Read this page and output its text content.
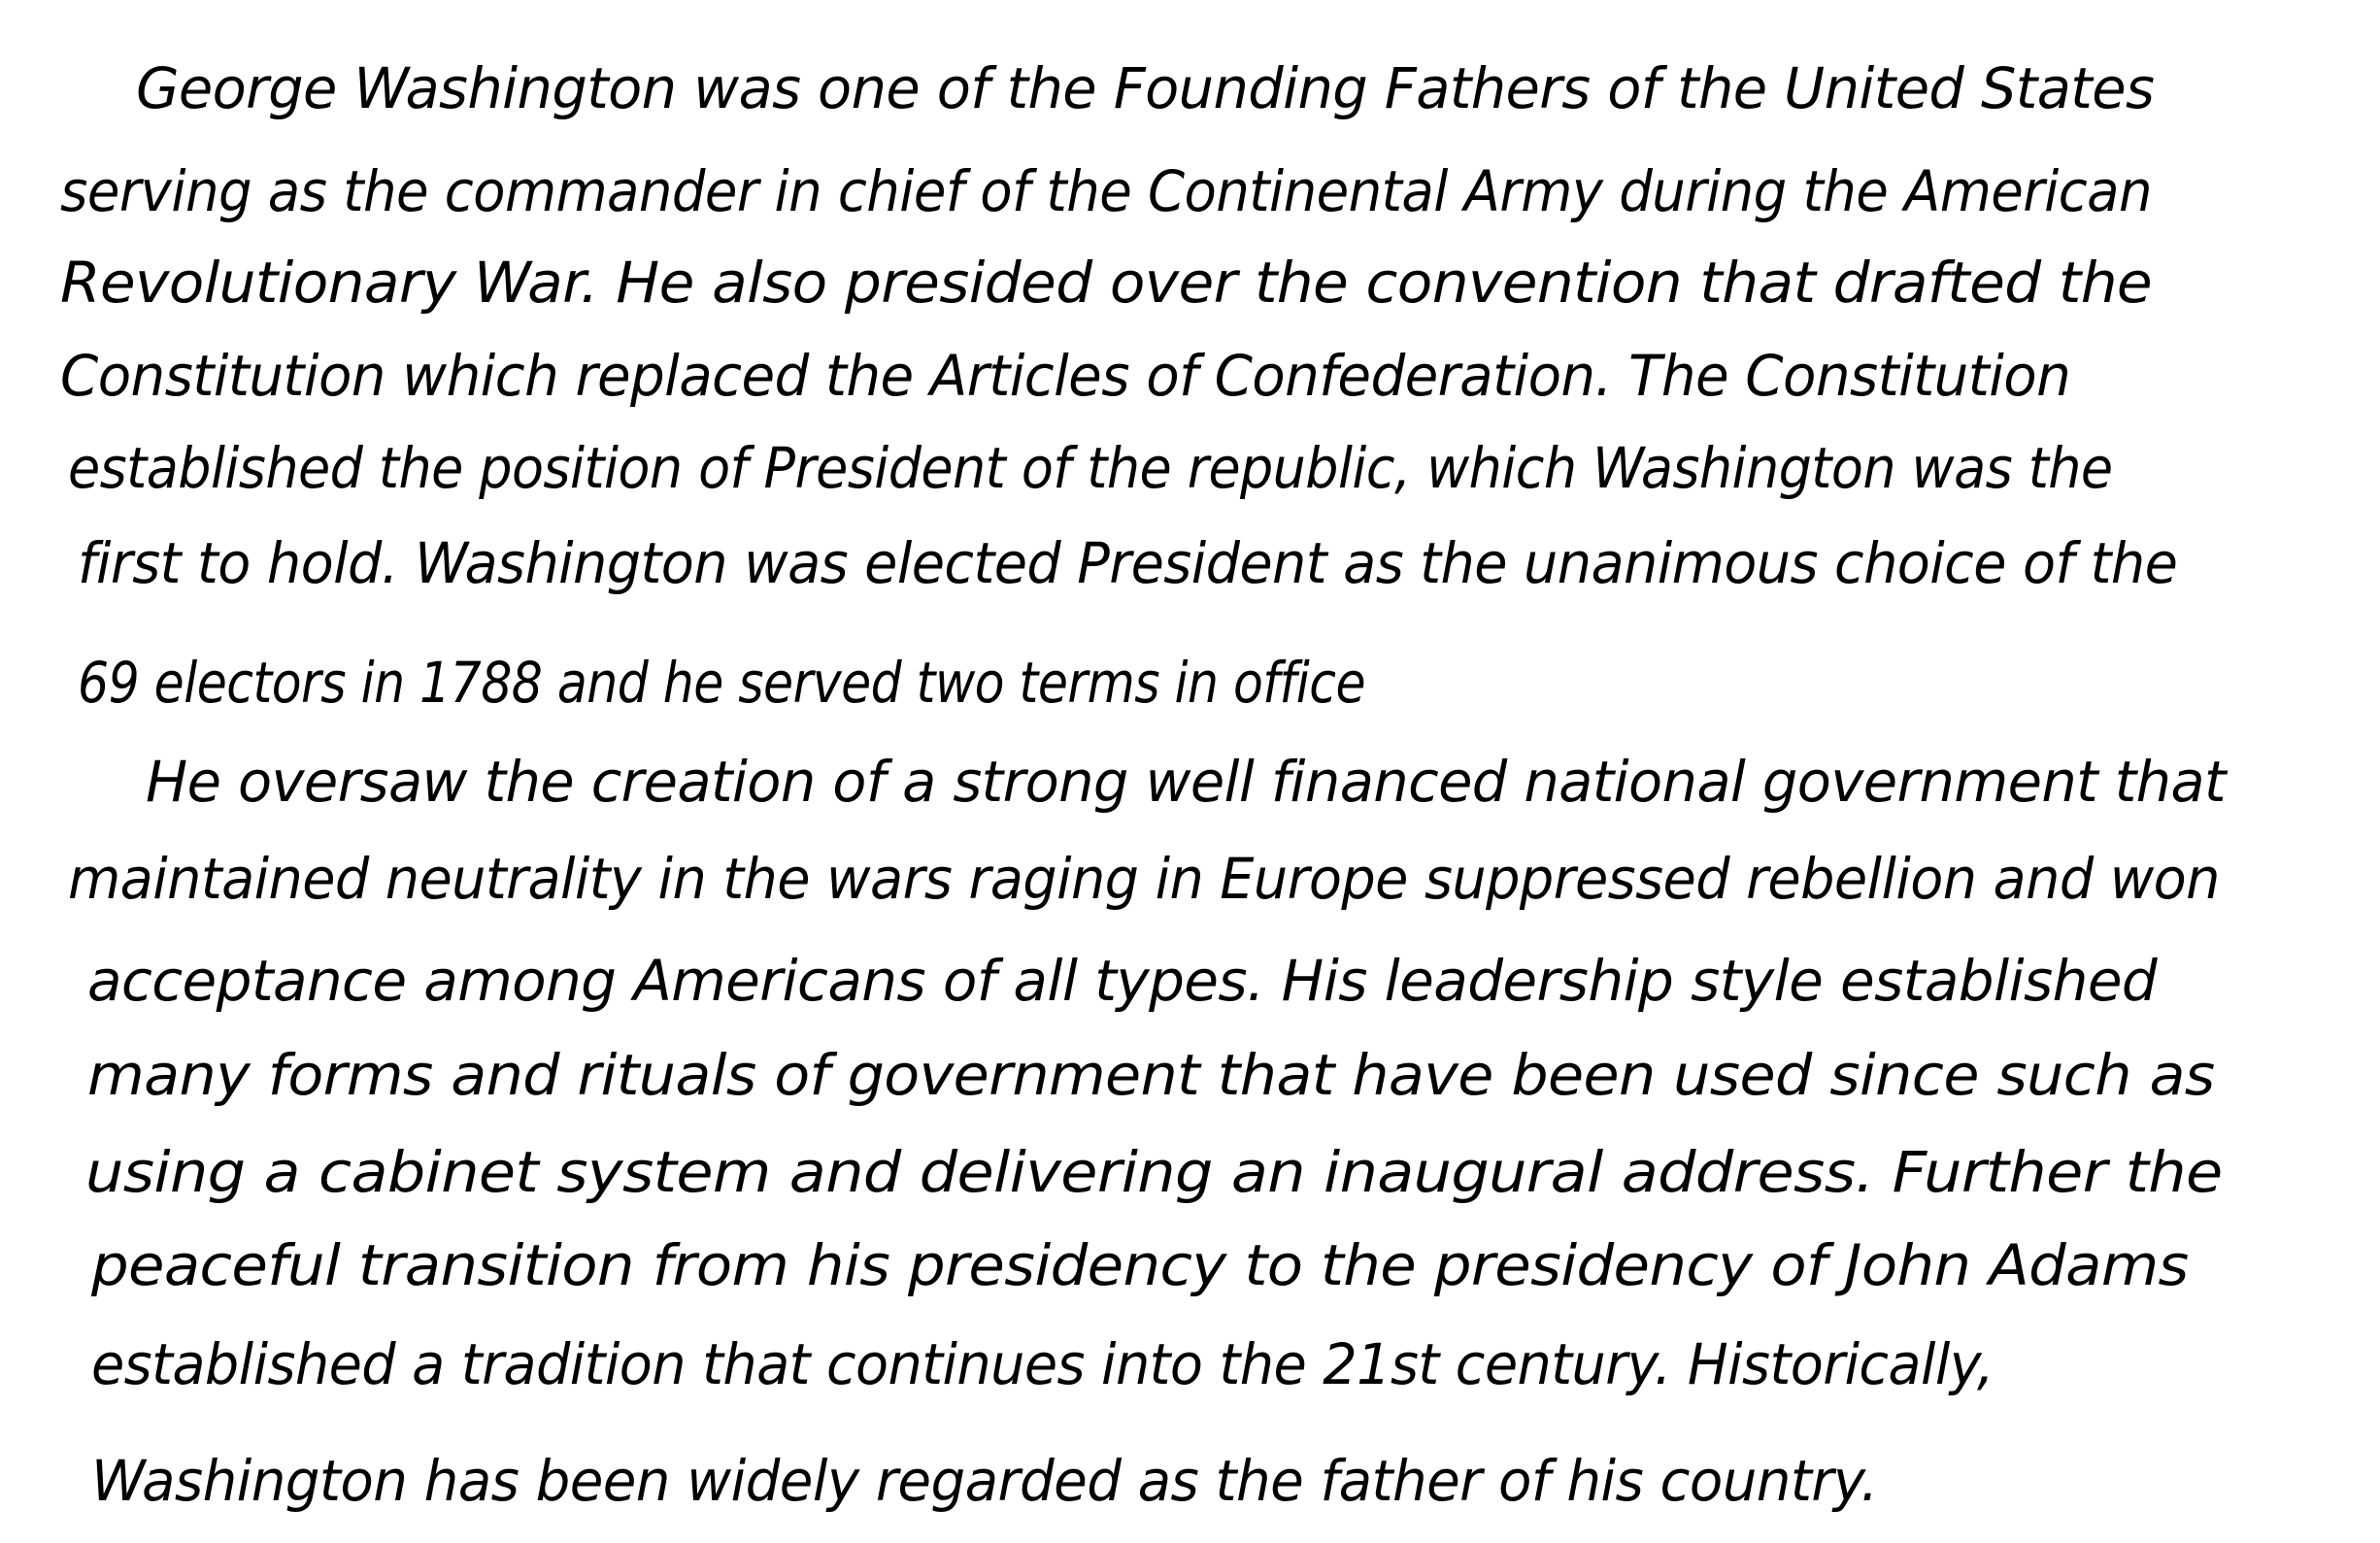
George Washington was one of the Founding Fathers of the United States
serving as the commander in chief of the Continental Army during the American
Revolutionary War. He also presided over the convention that drafted the
Constitution which replaced the Articles of Confederation. The Constitution
established the position of President of the republic, which Washington was the
first to hold. Washington was elected President as the unanimous choice of the
69 electors in 1788 and he served two terms in office
He oversaw the creation of a strong well financed national government that
maintained neutrality in the wars raging in Europe suppressed rebellion and won
acceptance among Americans of all types. His leadership style established
many forms and rituals of government that have been used since such as
using a cabinet system and delivering an inaugural address. Further the
peaceful transition from his presidency to the presidency of John Adams
established a tradition that continues into the 21st century. Historically,
Washington has been widely regarded as the father of his country.
